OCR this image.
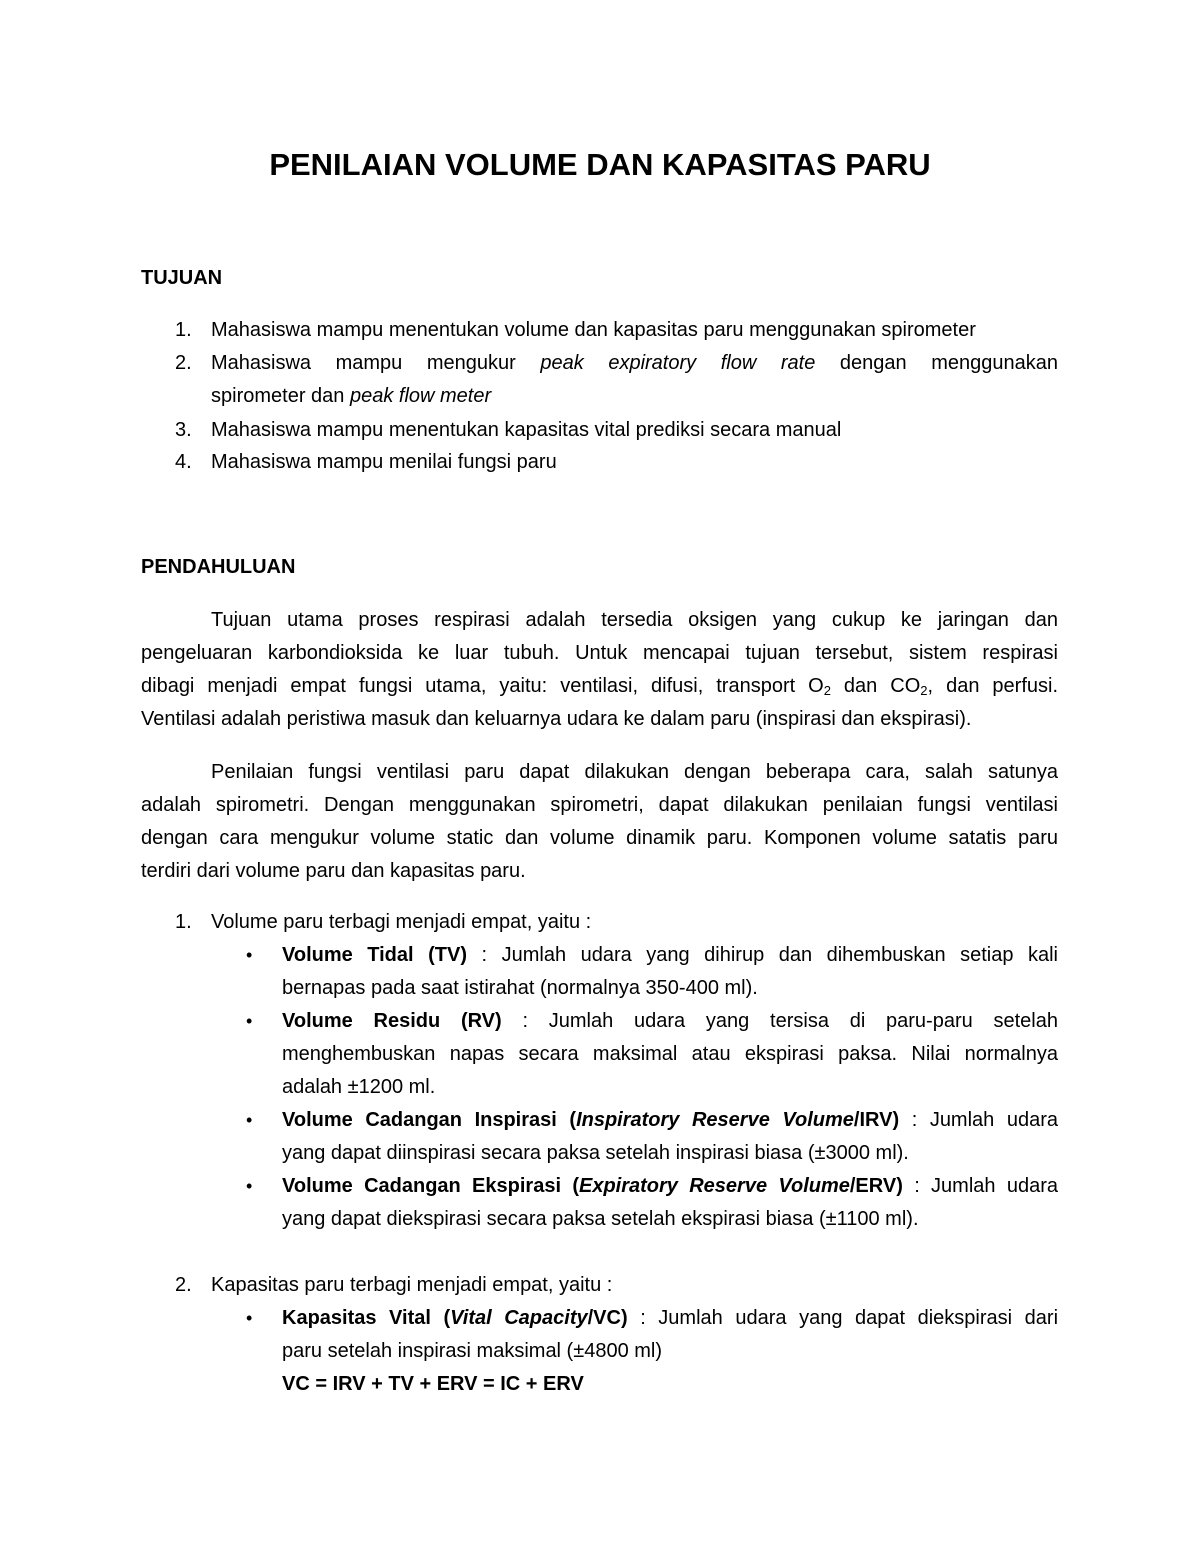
PENILAIAN VOLUME DAN KAPASITAS PARU
TUJUAN
1. Mahasiswa mampu menentukan volume dan kapasitas paru menggunakan spirometer
2. Mahasiswa mampu mengukur peak expiratory flow rate dengan menggunakan
spirometer dan peak flow meter
3. Mahasiswa mampu menentukan kapasitas vital prediksi secara manual
4. Mahasiswa mampu menilai fungsi paru
PENDAHULUAN
Tujuan utama proses respirasi adalah tersedia oksigen yang cukup ke jaringan dan
pengeluaran karbondioksida ke luar tubuh. Untuk mencapai tujuan tersebut, sistem respirasi
dibagi menjadi empat fungsi utama, yaitu: ventilasi, difusi, transport $O_2$ dan $CO_2$, dan perfusi.
Ventilasi adalah peristiwa masuk dan keluarnya udara ke dalam paru (inspirasi dan ekspirasi).
Penilaian fungsi ventilasi paru dapat dilakukan dengan beberapa cara, salah satunya
adalah spirometri. Dengan menggunakan spirometri, dapat dilakukan penilaian fungsi ventilasi
dengan cara mengukur volume static dan volume dinamik paru. Komponen volume satatis paru
terdiri dari volume paru dan kapasitas paru.
1. Volume paru terbagi menjadi empat, yaitu :
• Volume Tidal (TV) : Jumlah udara yang dihirup dan dihembuskan setiap kali
bernapas pada saat istirahat (normalnya 350-400 ml).
• Volume Residu (RV) : Jumlah udara yang tersisa di paru-paru setelah
menghembuskan napas secara maksimal atau ekspirasi paksa. Nilai normalnya
adalah ±1200 ml.
• Volume Cadangan Inspirasi (Inspiratory Reserve Volume/IRV) : Jumlah udara
yang dapat diinspirasi secara paksa setelah inspirasi biasa (±3000 ml).
• Volume Cadangan Ekspirasi (Expiratory Reserve Volume/ERV) : Jumlah udara
yang dapat diekspirasi secara paksa setelah ekspirasi biasa (±1100 ml).
2. Kapasitas paru terbagi menjadi empat, yaitu :
• Kapasitas Vital (Vital Capacity/VC) : Jumlah udara yang dapat diekspirasi dari
paru setelah inspirasi maksimal (±4800 ml)
VC = IRV + TV + ERV = IC + ERV
